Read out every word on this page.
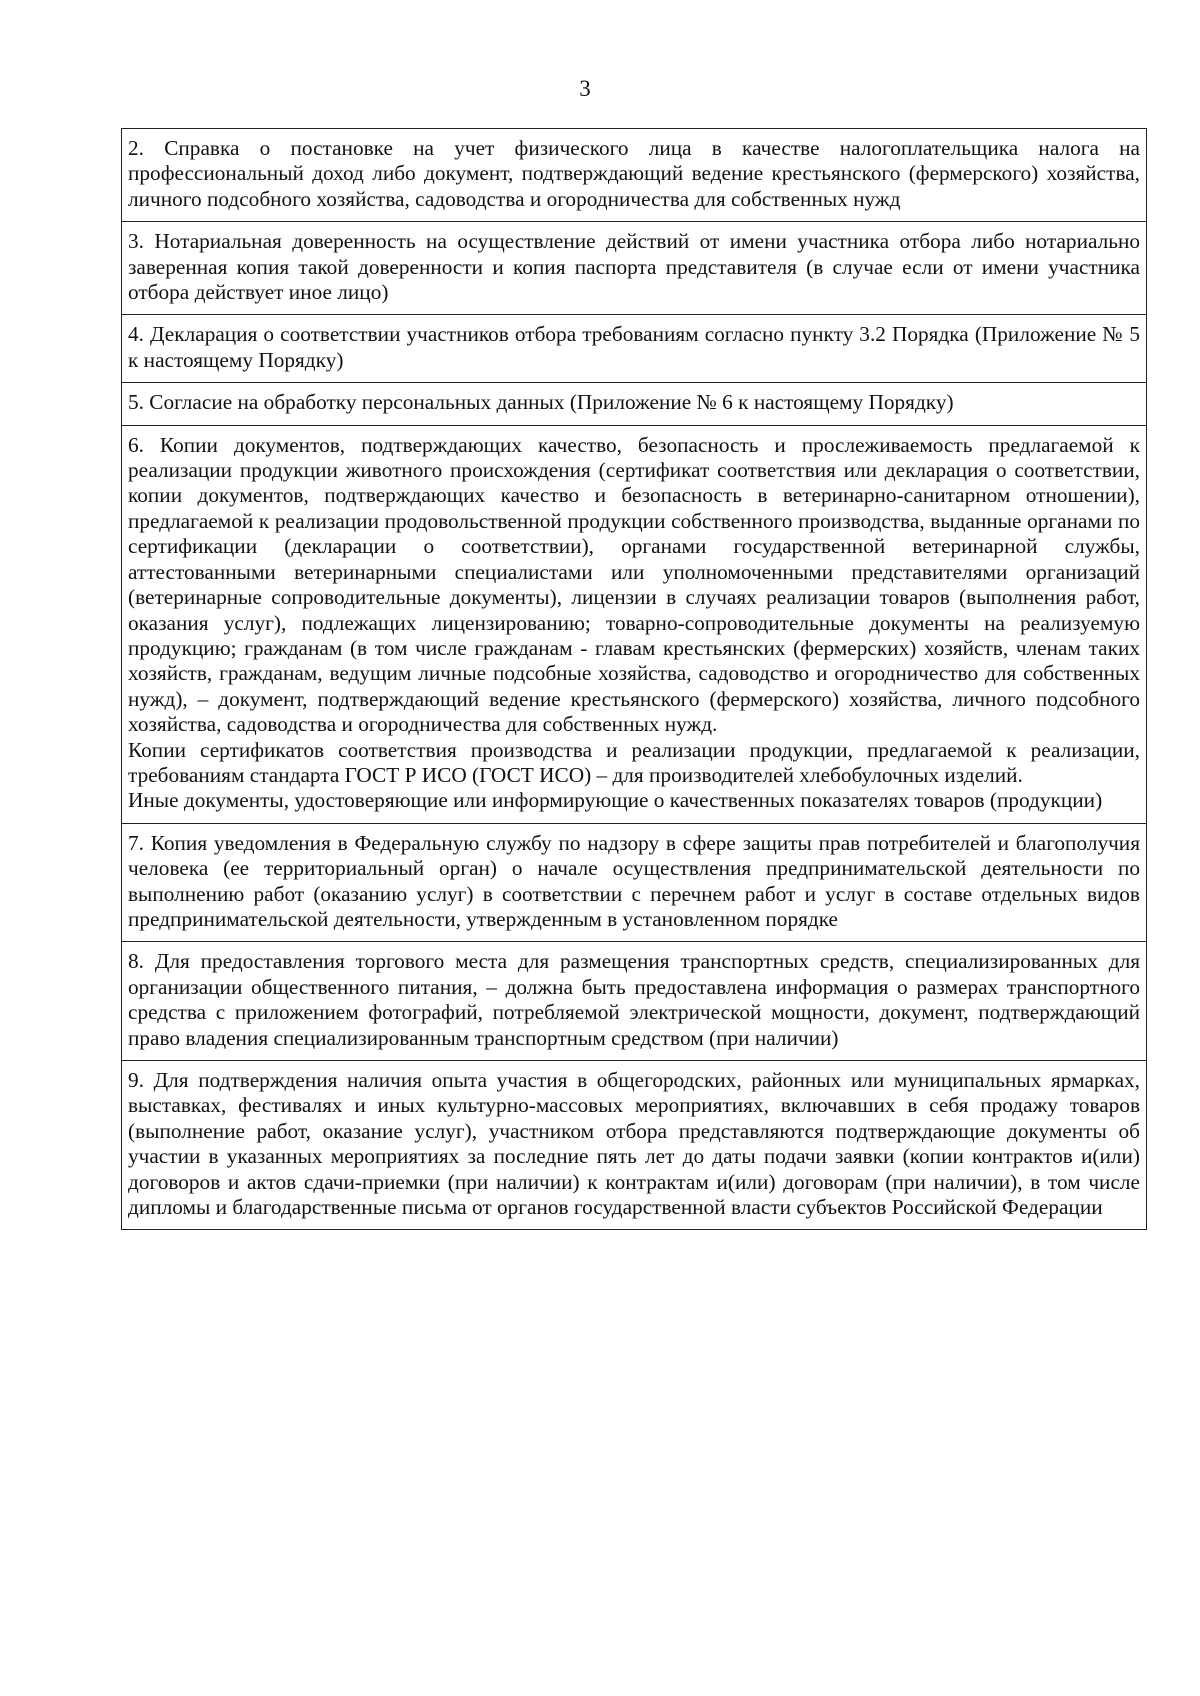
3

2. Справка о постановке на учет физического лица в качестве налогоплательщика налога на профессиональный доход либо документ, подтверждающий ведение крестьянского (фермерского) хозяйства, личного подсобного хозяйства, садоводства и огородничества для собственных нужд

3. Нотариальная доверенность на осуществление действий от имени участника отбора либо нотариально заверенная копия такой доверенности и копия паспорта представителя (в случае если от имени участника отбора действует иное лицо)

4. Декларация о соответствии участников отбора требованиям согласно пункту 3.2 Порядка (Приложение № 5 к настоящему Порядку)

5. Согласие на обработку персональных данных (Приложение № 6 к настоящему Порядку)

6. Копии документов, подтверждающих качество, безопасность и прослеживаемость предлагаемой к реализации продукции животного происхождения (сертификат соответствия или декларация о соответствии, копии документов, подтверждающих качество и безопасность в ветеринарно-санитарном отношении), предлагаемой к реализации продовольственной продукции собственного производства, выданные органами по сертификации (декларации о соответствии), органами государственной ветеринарной службы, аттестованными ветеринарными специалистами или уполномоченными представителями организаций (ветеринарные сопроводительные документы), лицензии в случаях реализации товаров (выполнения работ, оказания услуг), подлежащих лицензированию; товарно-сопроводительные документы на реализуемую продукцию; гражданам (в том числе гражданам - главам крестьянских (фермерских) хозяйств, членам таких хозяйств, гражданам, ведущим личные подсобные хозяйства, садоводство и огородничество для собственных нужд), – документ, подтверждающий ведение крестьянского (фермерского) хозяйства, личного подсобного хозяйства, садоводства и огородничества для собственных нужд.

Копии сертификатов соответствия производства и реализации продукции, предлагаемой к реализации, требованиям стандарта ГОСТ Р ИСО (ГОСТ ИСО) – для производителей хлебобулочных изделий.

Иные документы, удостоверяющие или информирующие о качественных показателях товаров (продукции)

7. Копия уведомления в Федеральную службу по надзору в сфере защиты прав потребителей и благополучия человека (ее территориальный орган) о начале осуществления предпринимательской деятельности по выполнению работ (оказанию услуг) в соответствии с перечнем работ и услуг в составе отдельных видов предпринимательской деятельности, утвержденным в установленном порядке

8. Для предоставления торгового места для размещения транспортных средств, специализированных для организации общественного питания, – должна быть предоставлена информация о размерах транспортного средства с приложением фотографий, потребляемой электрической мощности, документ, подтверждающий право владения специализированным транспортным средством (при наличии)

9. Для подтверждения наличия опыта участия в общегородских, районных или муниципальных ярмарках, выставках, фестивалях и иных культурно-массовых мероприятиях, включавших в себя продажу товаров (выполнение работ, оказание услуг), участником отбора представляются подтверждающие документы об участии в указанных мероприятиях за последние пять лет до даты подачи заявки (копии контрактов и(или) договоров и актов сдачи-приемки (при наличии) к контрактам и(или) договорам (при наличии), в том числе дипломы и благодарственные письма от органов государственной власти субъектов Российской Федерации
